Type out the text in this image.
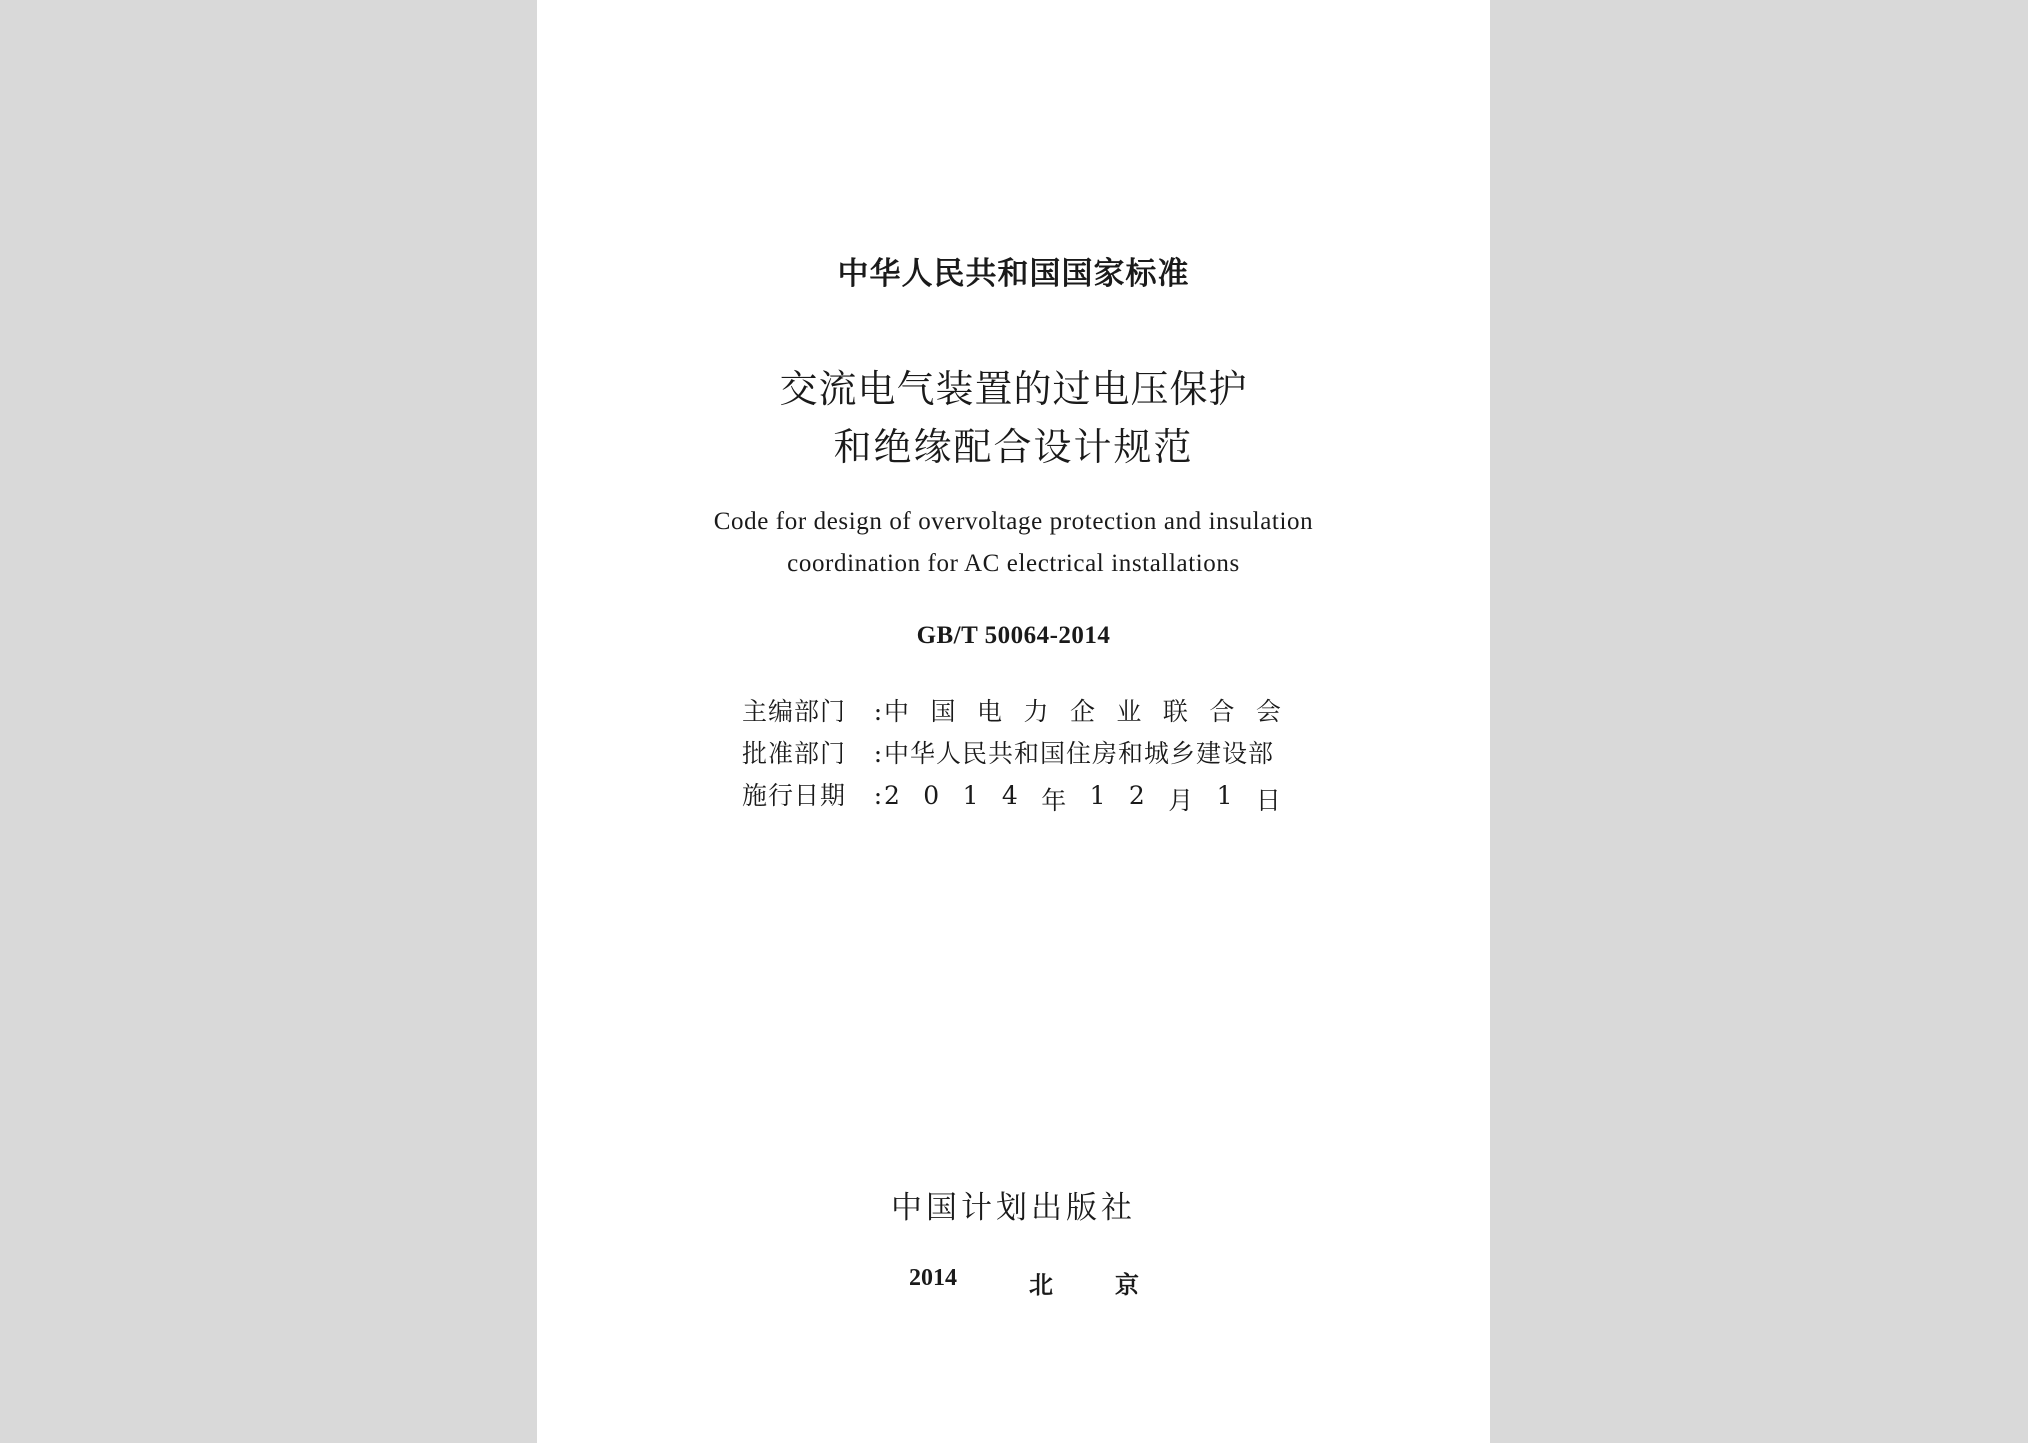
中华人民共和国国家标准
交流电气装置的过电压保护
和绝缘配合设计规范
Code for design of overvoltage protection and insulation
coordination for AC electrical installations
GB/T 50064-2014
主编部门	: 中 国 电 力 企 业 联 合 会
批准部门	: 中华人民共和国住房和城乡建设部
施行日期	: 2 0 1 4 年 1 2 月 1 日
中国计划出版社
2014	北	京
